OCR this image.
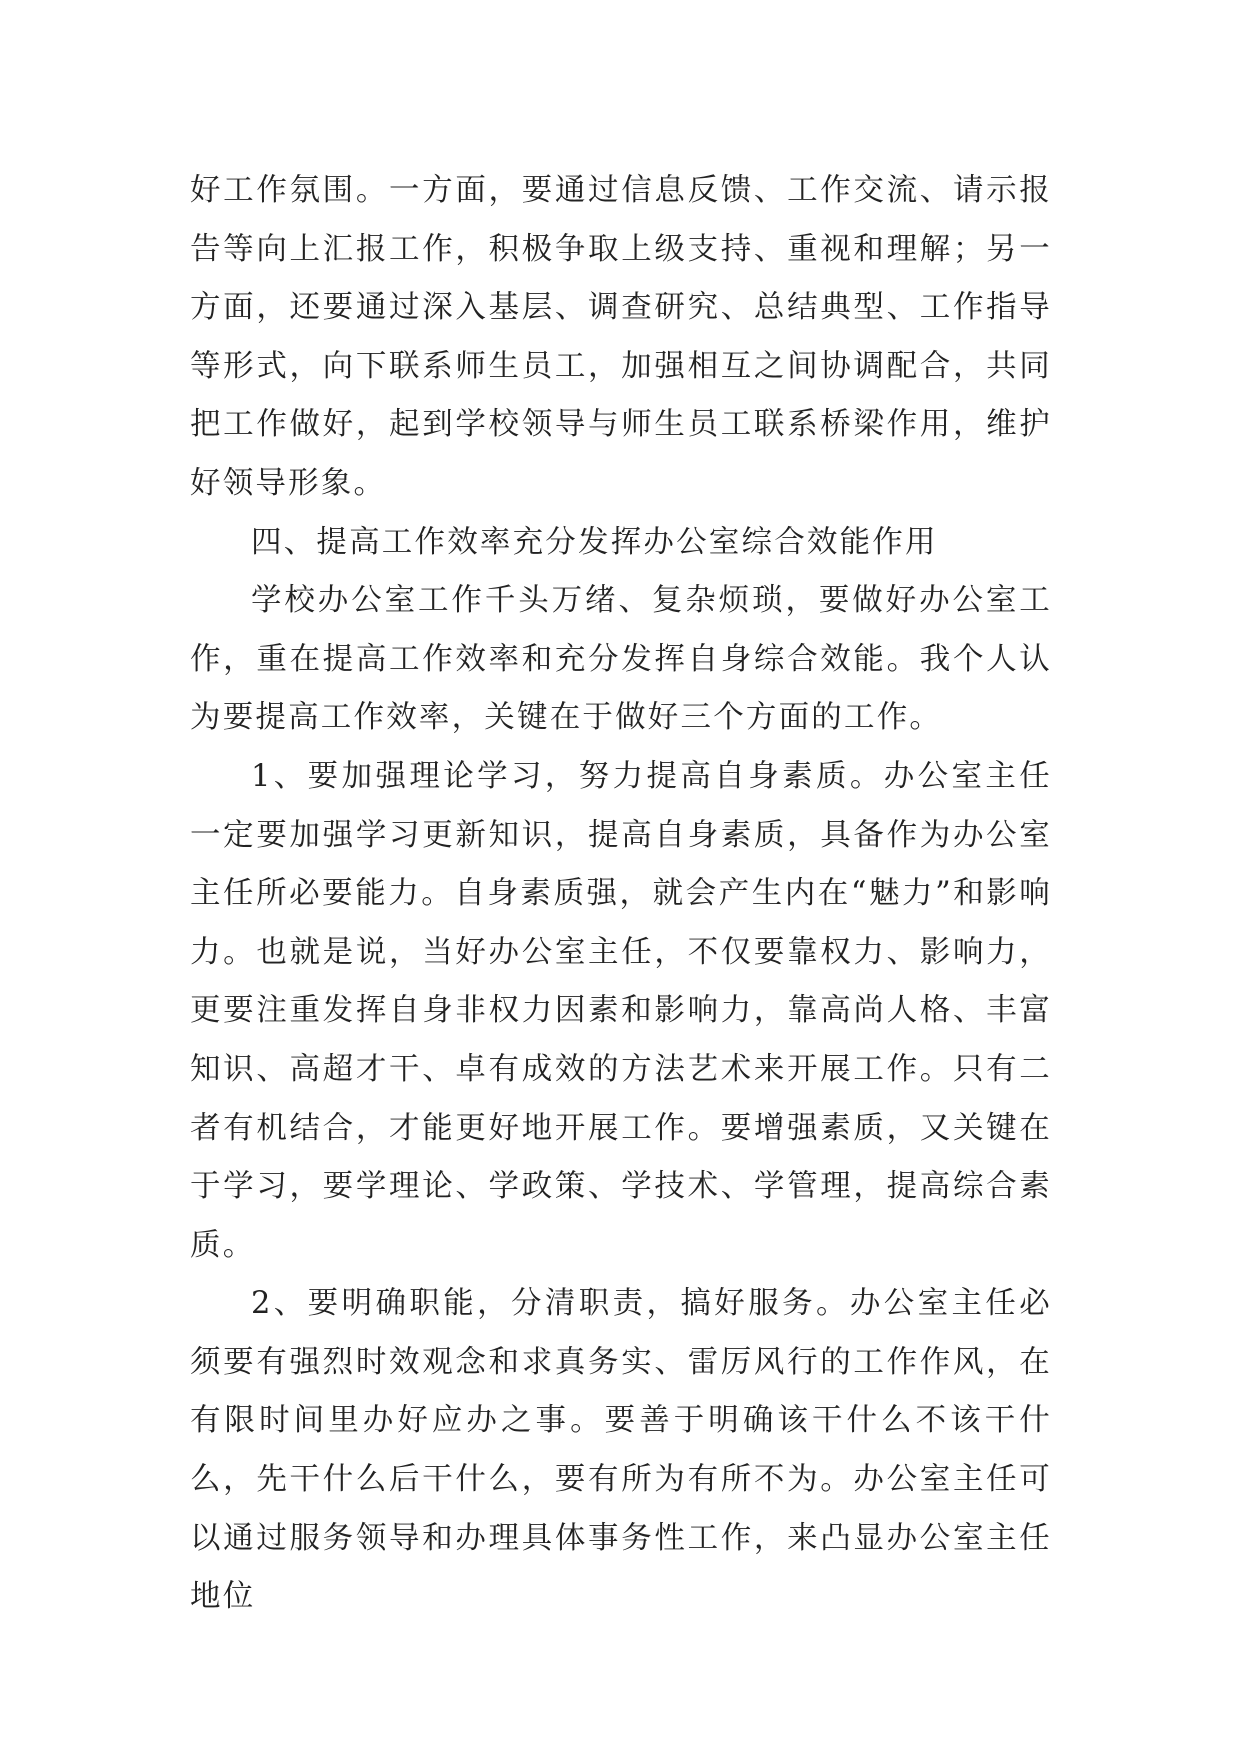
好工作氛围。一方面，要通过信息反馈、工作交流、请示报告等向上汇报工作，积极争取上级支持、重视和理解；另一方面，还要通过深入基层、调查研究、总结典型、工作指导等形式，向下联系师生员工，加强相互之间协调配合，共同把工作做好，起到学校领导与师生员工联系桥梁作用，维护好领导形象。

四、提高工作效率充分发挥办公室综合效能作用

学校办公室工作千头万绪、复杂烦琐，要做好办公室工作，重在提高工作效率和充分发挥自身综合效能。我个人认为要提高工作效率，关键在于做好三个方面的工作。

1、要加强理论学习，努力提高自身素质。办公室主任一定要加强学习更新知识，提高自身素质，具备作为办公室主任所必要能力。自身素质强，就会产生内在“魅力”和影响力。也就是说，当好办公室主任，不仅要靠权力、影响力，更要注重发挥自身非权力因素和影响力，靠高尚人格、丰富知识、高超才干、卓有成效的方法艺术来开展工作。只有二者有机结合，才能更好地开展工作。要增强素质，又关键在于学习，要学理论、学政策、学技术、学管理，提高综合素质。

2、要明确职能，分清职责，搞好服务。办公室主任必须要有强烈时效观念和求真务实、雷厉风行的工作作风，在有限时间里办好应办之事。要善于明确该干什么不该干什么，先干什么后干什么，要有所为有所不为。办公室主任可以通过服务领导和办理具体事务性工作，来凸显办公室主任地位
